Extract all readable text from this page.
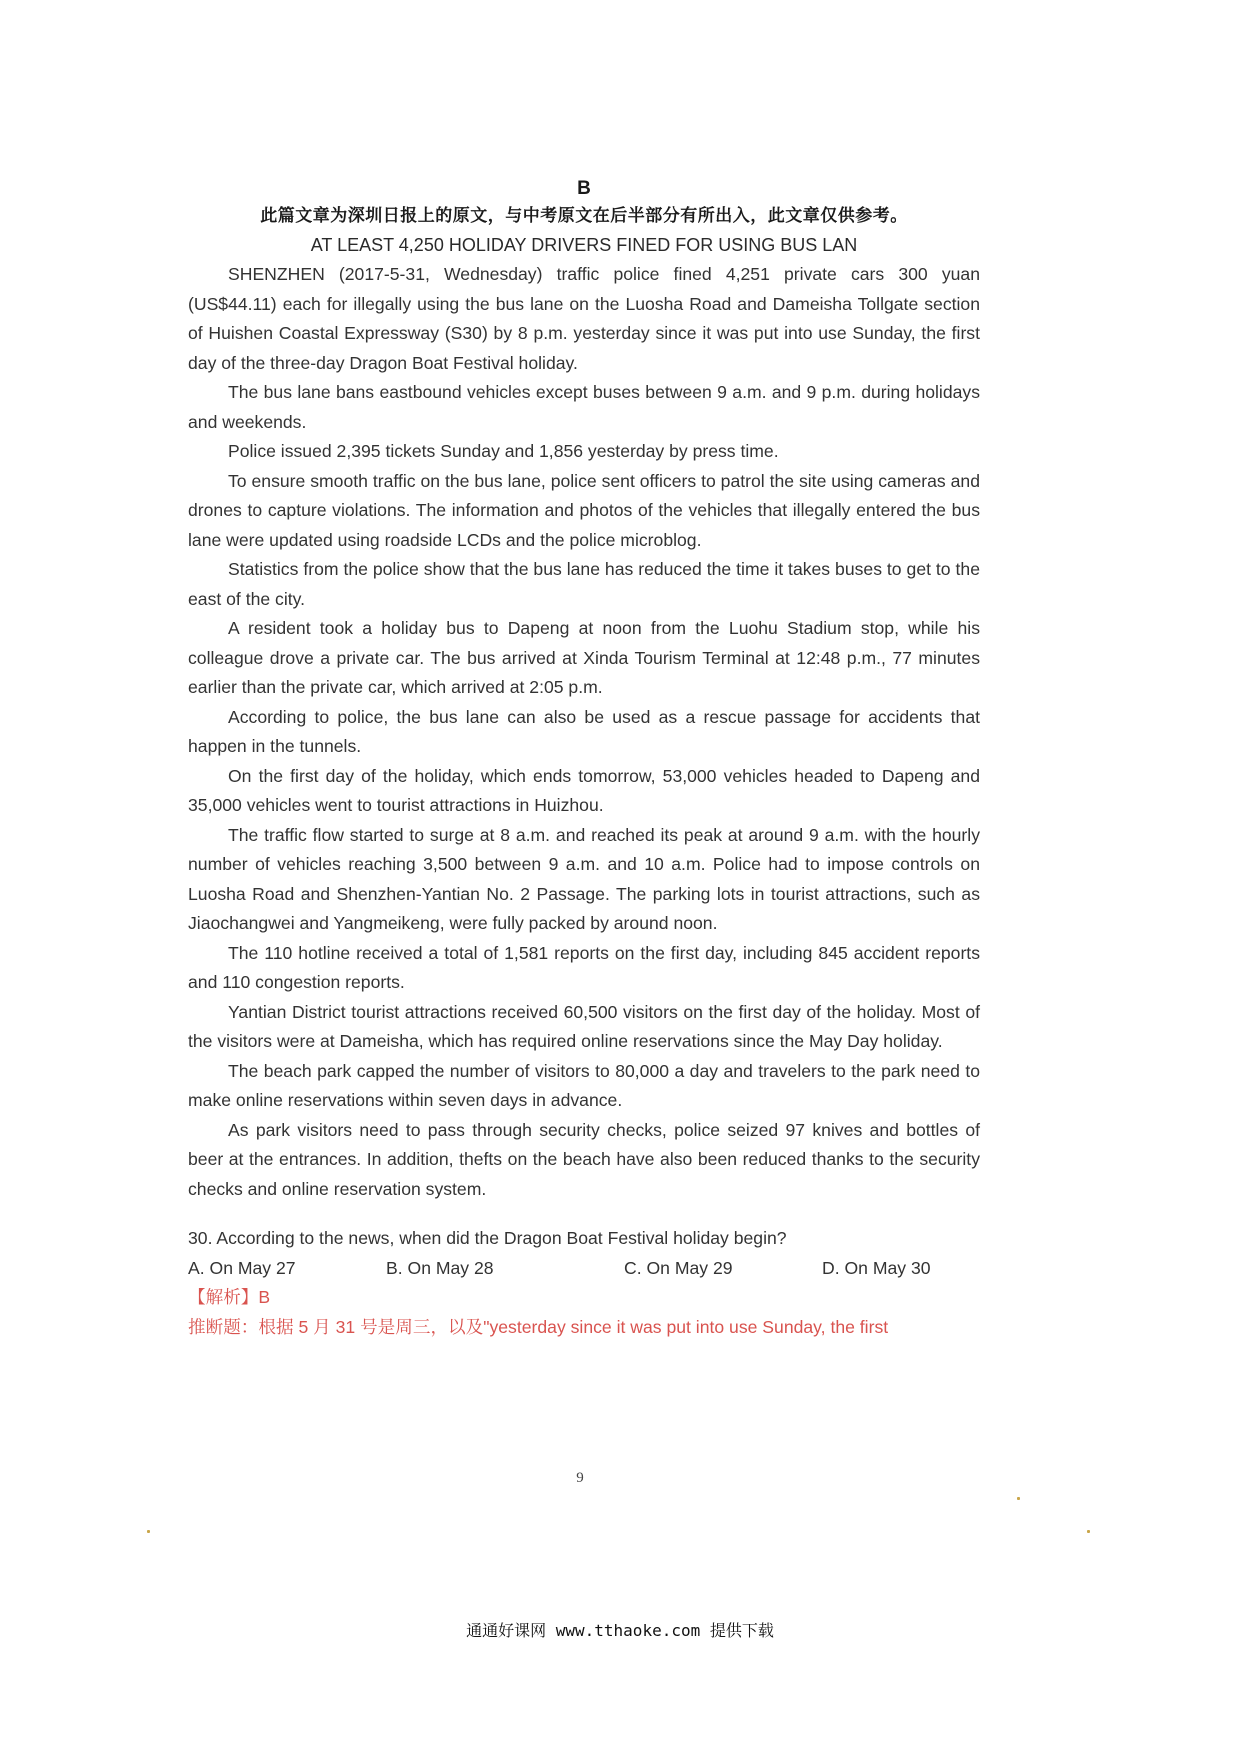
B
此篇文章为深圳日报上的原文，与中考原文在后半部分有所出入，此文章仅供参考。
AT LEAST 4,250 HOLIDAY DRIVERS FINED FOR USING BUS LAN

SHENZHEN (2017-5-31, Wednesday) traffic police fined 4,251 private cars 300 yuan (US$44.11) each for illegally using the bus lane on the Luosha Road and Dameisha Tollgate section of Huishen Coastal Expressway (S30) by 8 p.m. yesterday since it was put into use Sunday, the first day of the three-day Dragon Boat Festival holiday.

The bus lane bans eastbound vehicles except buses between 9 a.m. and 9 p.m. during holidays and weekends.

Police issued 2,395 tickets Sunday and 1,856 yesterday by press time.

To ensure smooth traffic on the bus lane, police sent officers to patrol the site using cameras and drones to capture violations. The information and photos of the vehicles that illegally entered the bus lane were updated using roadside LCDs and the police microblog.

Statistics from the police show that the bus lane has reduced the time it takes buses to get to the east of the city.

A resident took a holiday bus to Dapeng at noon from the Luohu Stadium stop, while his colleague drove a private car. The bus arrived at Xinda Tourism Terminal at 12:48 p.m., 77 minutes earlier than the private car, which arrived at 2:05 p.m.

According to police, the bus lane can also be used as a rescue passage for accidents that happen in the tunnels.

On the first day of the holiday, which ends tomorrow, 53,000 vehicles headed to Dapeng and 35,000 vehicles went to tourist attractions in Huizhou.

The traffic flow started to surge at 8 a.m. and reached its peak at around 9 a.m. with the hourly number of vehicles reaching 3,500 between 9 a.m. and 10 a.m. Police had to impose controls on Luosha Road and Shenzhen-Yantian No. 2 Passage. The parking lots in tourist attractions, such as Jiaochangwei and Yangmeikeng, were fully packed by around noon.

The 110 hotline received a total of 1,581 reports on the first day, including 845 accident reports and 110 congestion reports.

Yantian District tourist attractions received 60,500 visitors on the first day of the holiday. Most of the visitors were at Dameisha, which has required online reservations since the May Day holiday.

The beach park capped the number of visitors to 80,000 a day and travelers to the park need to make online reservations within seven days in advance.

As park visitors need to pass through security checks, police seized 97 knives and bottles of beer at the entrances. In addition, thefts on the beach have also been reduced thanks to the security checks and online reservation system.

30. According to the news, when did the Dragon Boat Festival holiday begin?
A. On May 27	B. On May 28	C. On May 29	D. On May 30
【解析】B
推断题：根据 5 月 31 号是周三，以及"yesterday since it was put into use Sunday, the first
9
通通好课网 www.tthaoke.com 提供下载
